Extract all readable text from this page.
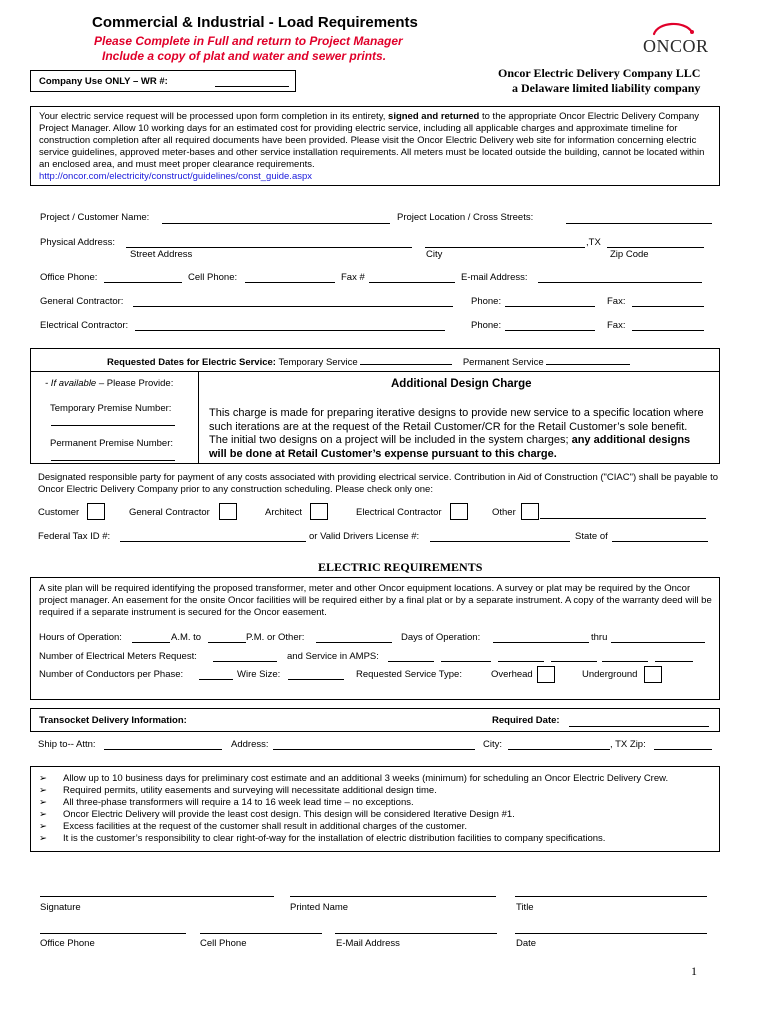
Commercial & Industrial - Load Requirements
Please Complete in Full and return to Project Manager
Include a copy of plat and water and sewer prints.	ONCOR
Oncor Electric Delivery Company LLC
a Delaware limited liability company
Company Use ONLY – WR #:
Your electric service request will be processed upon form completion in its entirety, signed and returned to the appropriate Oncor Electric Delivery Company Project Manager. Allow 10 working days for an estimated cost for providing electric service, including all applicable charges and approximate timeline for construction completion after all required documents have been provided. Please visit the Oncor Electric Delivery web site for information concerning electric service guidelines, approved meter-bases and other service installation requirements. All meters must be located outside the building, cannot be located within an enclosed area, and must meet proper clearance requirements.
http://oncor.com/electricity/construct/guidelines/const_guide.aspx
Project / Customer Name:	Project Location / Cross Streets:
Physical Address:	,TX
Street Address	City	Zip Code
Office Phone:	Cell Phone:	Fax #	E-mail Address:
General Contractor:	Phone:	Fax:
Electrical Contractor:	Phone:	Fax:
Requested Dates for Electric Service: Temporary Service	Permanent Service
- If available – Please Provide:
Temporary Premise Number:
Permanent Premise Number:
Additional Design Charge
This charge is made for preparing iterative designs to provide new service to a specific location where such iterations are at the request of the Retail Customer/CR for the Retail Customer’s sole benefit. The initial two designs on a project will be included in the system charges; any additional designs will be done at Retail Customer’s expense pursuant to this charge.
Designated responsible party for payment of any costs associated with providing electrical service. Contribution in Aid of Construction ("CIAC") shall be payable to Oncor Electric Delivery Company prior to any construction scheduling. Please check only one:
Customer	General Contractor	Architect	Electrical Contractor	Other
Federal Tax ID #:	or Valid Drivers License #:	State of
ELECTRIC REQUIREMENTS
A site plan will be required identifying the proposed transformer, meter and other Oncor equipment locations. A survey or plat may be required by the Oncor project manager. An easement for the onsite Oncor facilities will be required either by a final plat or by a separate instrument. A copy of the warranty deed will be required if a separate instrument is secured for the Oncor easement.
Hours of Operation:	A.M. to	P.M. or Other:	Days of Operation:	thru
Number of Electrical Meters Request:	and Service in AMPS:
Number of Conductors per Phase:	Wire Size:	Requested Service Type:	Overhead	Underground
Transocket Delivery Information:	Required Date:
Ship to-- Attn:	Address:	City:	, TX Zip:
➢ Allow up to 10 business days for preliminary cost estimate and an additional 3 weeks (minimum) for scheduling an Oncor Electric Delivery Crew.
➢ Required permits, utility easements and surveying will necessitate additional design time.
➢ All three-phase transformers will require a 14 to 16 week lead time – no exceptions.
➢ Oncor Electric Delivery will provide the least cost design. This design will be considered Iterative Design #1.
➢ Excess facilities at the request of the customer shall result in additional charges of the customer.
➢ It is the customer’s responsibility to clear right-of-way for the installation of electric distribution facilities to company specifications.
Signature	Printed Name	Title
Office Phone	Cell Phone	E-Mail Address	Date
1
